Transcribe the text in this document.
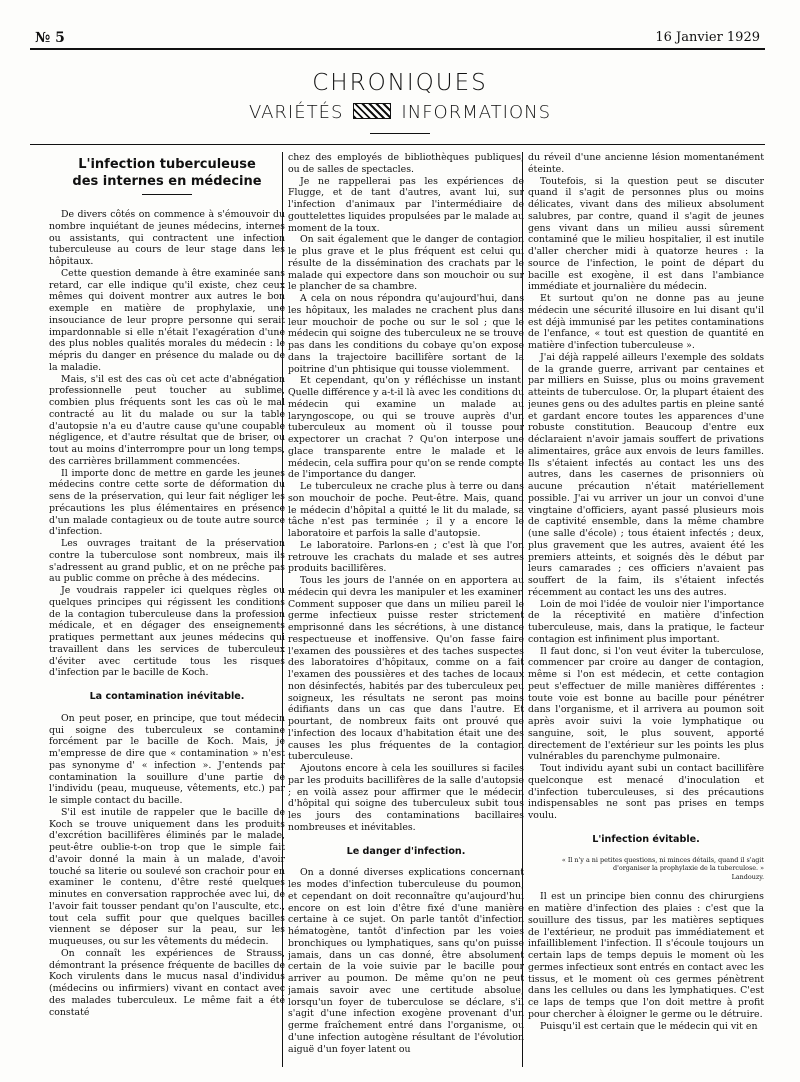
№ 5	16 Janvier 1929
CHRONIQUES
VARIÉTÉS	INFORMATIONS
L'infection tuberculeuse
des internes en médecine

De divers côtés on commence à s'émouvoir du nombre inquiétant de jeunes médecins, internes ou assistants, qui contractent une infection tuberculeuse au cours de leur stage dans les hôpitaux.

Cette question demande à être examinée sans retard, car elle indique qu'il existe, chez ceux mêmes qui doivent montrer aux autres le bon exemple en matière de prophylaxie, une insouciance de leur propre personne qui serait impardonnable si elle n'était l'exagération d'une des plus nobles qualités morales du médecin : le mépris du danger en présence du malade ou de la maladie.

Mais, s'il est des cas où cet acte d'abnégation professionnelle peut toucher au sublime, combien plus fréquents sont les cas où le mal contracté au lit du malade ou sur la table d'autopsie n'a eu d'autre cause qu'une coupable négligence, et d'autre résultat que de briser, ou tout au moins d'interrompre pour un long temps, des carrières brillamment commencées.

Il importe donc de mettre en garde les jeunes médecins contre cette sorte de déformation du sens de la préservation, qui leur fait négliger les précautions les plus élémentaires en présence d'un malade contagieux ou de toute autre source d'infection.

Les ouvrages traitant de la préservation contre la tuberculose sont nombreux, mais ils s'adressent au grand public, et on ne prêche pas au public comme on prêche à des médecins.

Je voudrais rappeler ici quelques règles ou quelques principes qui régissent les conditions de la contagion tuberculeuse dans la profession médicale, et en dégager des enseignements pratiques permettant aux jeunes médecins qui travaillent dans les services de tuberculeux d'éviter avec certitude tous les risques d'infection par le bacille de Koch.

La contamination inévitable.

On peut poser, en principe, que tout médecin qui soigne des tuberculeux se contamine forcément par le bacille de Koch. Mais, je m'empresse de dire que « contamination » n'est pas synonyme d' « infection ». J'entends par contamination la souillure d'une partie de l'individu (peau, muqueuse, vêtements, etc.) par le simple contact du bacille.

S'il est inutile de rappeler que le bacille de Koch se trouve uniquement dans les produits d'excrétion bacillifères éliminés par le malade, peut-être oublie-t-on trop que le simple fait d'avoir donné la main à un malade, d'avoir touché sa literie ou soulevé son crachoir pour en examiner le contenu, d'être resté quelques minutes en conversation rapprochée avec lui, de l'avoir fait tousser pendant qu'on l'ausculte, etc., tout cela suffit pour que quelques bacilles viennent se déposer sur la peau, sur les muqueuses, ou sur les vêtements du médecin.

On connaît les expériences de Strauss, démontrant la présence fréquente de bacilles de Koch virulents dans le mucus nasal d'individus (médecins ou infirmiers) vivant en contact avec des malades tuberculeux. Le même fait a été constaté

chez des employés de bibliothèques publiques, ou de salles de spectacles.

Je ne rappellerai pas les expériences de Flugge, et de tant d'autres, avant lui, sur l'infection d'animaux par l'intermédiaire de gouttelettes liquides propulsées par le malade au moment de la toux.

On sait également que le danger de contagion le plus grave et le plus fréquent est celui qui résulte de la dissémination des crachats par le malade qui expectore dans son mouchoir ou sur le plancher de sa chambre.

A cela on nous répondra qu'aujourd'hui, dans les hôpitaux, les malades ne crachent plus dans leur mouchoir de poche ou sur le sol ; que le médecin qui soigne des tuberculeux ne se trouve pas dans les conditions du cobaye qu'on expose dans la trajectoire bacillifère sortant de la poitrine d'un phtisique qui tousse violemment.

Et cependant, qu'on y réfléchisse un instant. Quelle différence y a-t-il là avec les conditions du médecin qui examine un malade au laryngoscope, ou qui se trouve auprès d'un tuberculeux au moment où il tousse pour expectorer un crachat ? Qu'on interpose une glace transparente entre le malade et le médecin, cela suffira pour qu'on se rende compte de l'importance du danger.

Le tuberculeux ne crache plus à terre ou dans son mouchoir de poche. Peut-être. Mais, quand le médecin d'hôpital a quitté le lit du malade, sa tâche n'est pas terminée ; il y a encore le laboratoire et parfois la salle d'autopsie.

Le laboratoire. Parlons-en ; c'est là que l'on retrouve les crachats du malade et ses autres produits bacillifères.

Tous les jours de l'année on en apportera au médecin qui devra les manipuler et les examiner. Comment supposer que dans un milieu pareil le germe infectieux puisse rester strictement emprisonné dans les sécrétions, à une distance respectueuse et inoffensive. Qu'on fasse faire l'examen des poussières et des taches suspectes des laboratoires d'hôpitaux, comme on a fait l'examen des poussières et des taches de locaux non désinfectés, habités par des tuberculeux peu soigneux, les résultats ne seront pas moins édifiants dans un cas que dans l'autre. Et pourtant, de nombreux faits ont prouvé que l'infection des locaux d'habitation était une des causes les plus fréquentes de la contagion tuberculeuse.

Ajoutons encore à cela les souillures si faciles par les produits bacillifères de la salle d'autopsie ; en voilà assez pour affirmer que le médecin d'hôpital qui soigne des tuberculeux subit tous les jours des contaminations bacillaires nombreuses et inévitables.

Le danger d'infection.

On a donné diverses explications concernant les modes d'infection tuberculeuse du poumon, et cependant on doit reconnaître qu'aujourd'hui encore on est loin d'être fixé d'une manière certaine à ce sujet. On parle tantôt d'infection hématogène, tantôt d'infection par les voies bronchiques ou lymphatiques, sans qu'on puisse jamais, dans un cas donné, être absolument certain de la voie suivie par le bacille pour arriver au poumon. De même qu'on ne peut jamais savoir avec une certitude absolue, lorsqu'un foyer de tuberculose se déclare, s'il s'agit d'une infection exogène provenant d'un germe fraîchement entré dans l'organisme, ou d'une infection autogène résultant de l'évolution aiguë d'un foyer latent ou

du réveil d'une ancienne lésion momentanément éteinte.

Toutefois, si la question peut se discuter quand il s'agit de personnes plus ou moins délicates, vivant dans des milieux absolument salubres, par contre, quand il s'agit de jeunes gens vivant dans un milieu aussi sûrement contaminé que le milieu hospitalier, il est inutile d'aller chercher midi à quatorze heures : la source de l'infection, le point de départ du bacille est exogène, il est dans l'ambiance immédiate et journalière du médecin.

Et surtout qu'on ne donne pas au jeune médecin une sécurité illusoire en lui disant qu'il est déjà immunisé par les petites contaminations de l'enfance, « tout est question de quantité en matière d'infection tuberculeuse ».

J'ai déjà rappelé ailleurs l'exemple des soldats de la grande guerre, arrivant par centaines et par milliers en Suisse, plus ou moins gravement atteints de tuberculose. Or, la plupart étaient des jeunes gens ou des adultes partis en pleine santé et gardant encore toutes les apparences d'une robuste constitution. Beaucoup d'entre eux déclaraient n'avoir jamais souffert de privations alimentaires, grâce aux envois de leurs familles. Ils s'étaient infectés au contact les uns des autres, dans les casernes de prisonniers où aucune précaution n'était matériellement possible. J'ai vu arriver un jour un convoi d'une vingtaine d'officiers, ayant passé plusieurs mois de captivité ensemble, dans la même chambre (une salle d'école) ; tous étaient infectés ; deux, plus gravement que les autres, avaient été les premiers atteints, et soignés dès le début par leurs camarades ; ces officiers n'avaient pas souffert de la faim, ils s'étaient infectés récemment au contact les uns des autres.

Loin de moi l'idée de vouloir nier l'importance de la réceptivité en matière d'infection tuberculeuse, mais, dans la pratique, le facteur contagion est infiniment plus important.

Il faut donc, si l'on veut éviter la tuberculose, commencer par croire au danger de contagion, même si l'on est médecin, et cette contagion peut s'effectuer de mille manières différentes : toute voie est bonne au bacille pour pénétrer dans l'organisme, et il arrivera au poumon soit après avoir suivi la voie lymphatique ou sanguine, soit, le plus souvent, apporté directement de l'extérieur sur les points les plus vulnérables du parenchyme pulmonaire.

Tout individu ayant subi un contact bacillifère quelconque est menacé d'inoculation et d'infection tuberculeuses, si des précautions indispensables ne sont pas prises en temps voulu.

L'infection évitable.
« Il n'y a ni petites questions, ni minces détails, quand il s'agit d'organiser la prophylaxie de la tuberculose. »
Landouzy.

Il est un principe bien connu des chirurgiens en matière d'infection des plaies : c'est que la souillure des tissus, par les matières septiques de l'extérieur, ne produit pas immédiatement et infailliblement l'infection. Il s'écoule toujours un certain laps de temps depuis le moment où les germes infectieux sont entrés en contact avec les tissus, et le moment où ces germes pénètrent dans les cellules ou dans les lymphatiques. C'est ce laps de temps que l'on doit mettre à profit pour chercher à éloigner le germe ou le détruire.

Puisqu'il est certain que le médecin qui vit en
